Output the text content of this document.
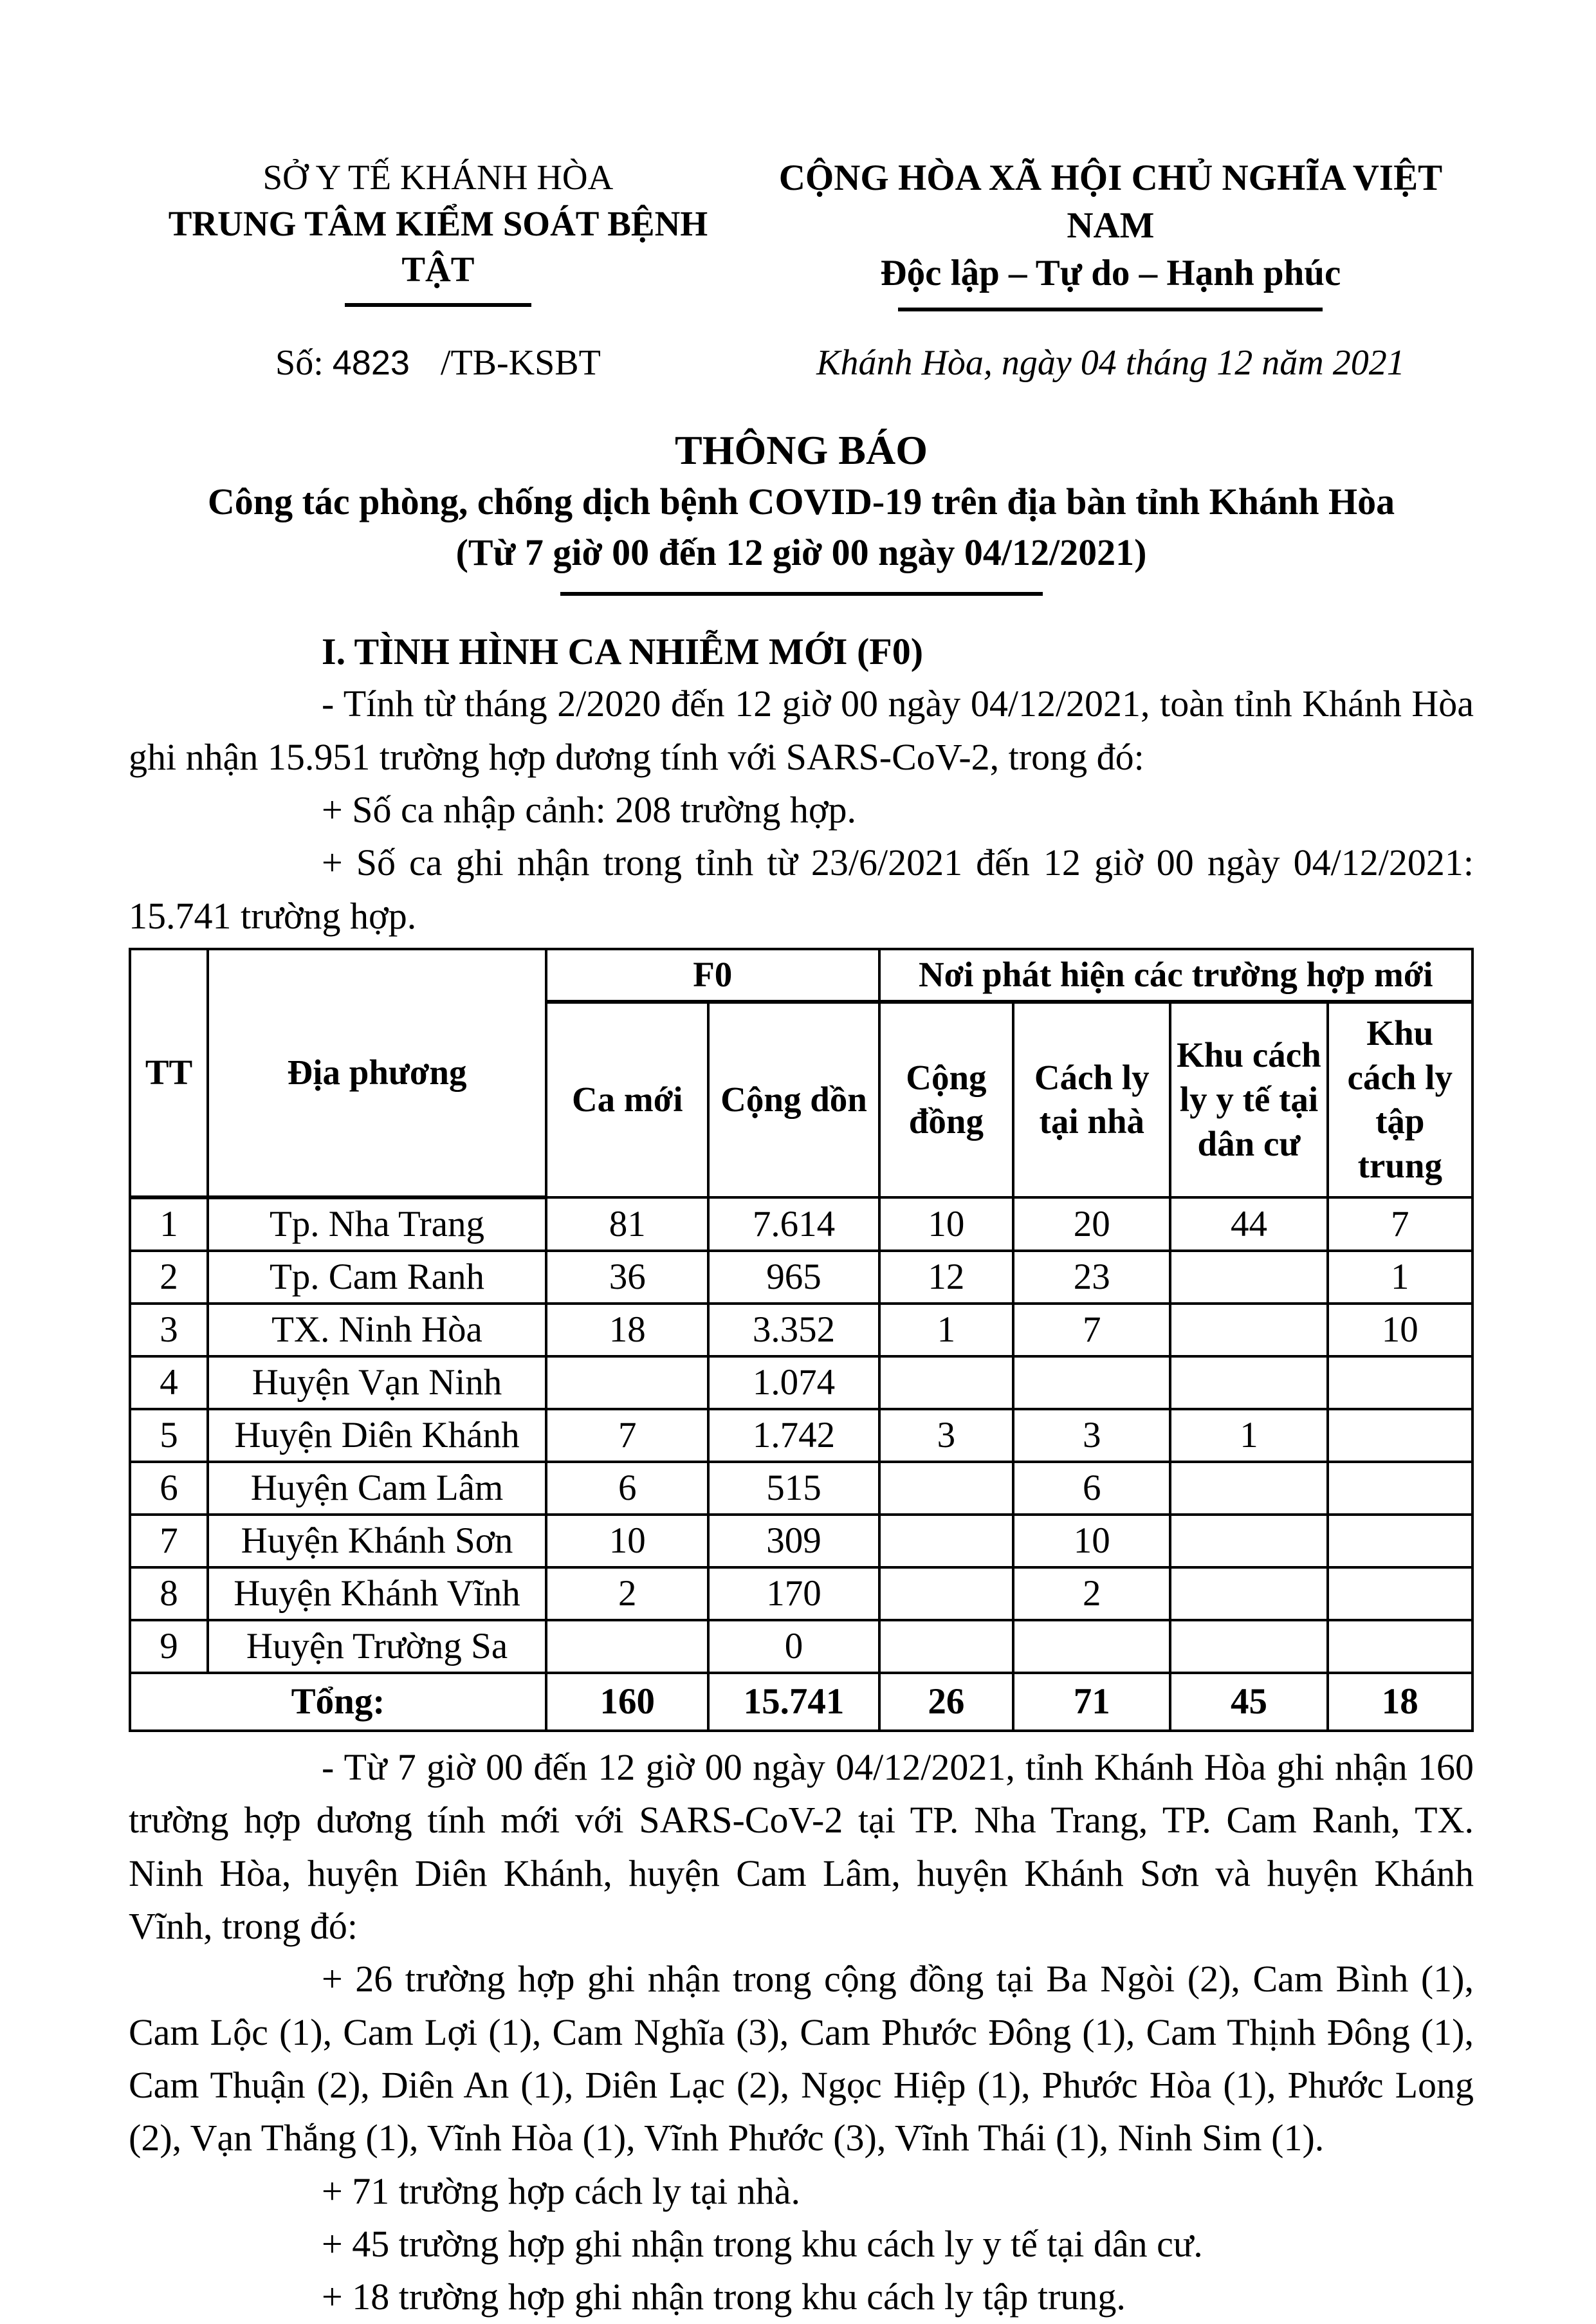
SỞ Y TẾ KHÁNH HÒA
TRUNG TÂM KIỂM SOÁT BỆNH TẬT
CỘNG HÒA XÃ HỘI CHỦ NGHĨA VIỆT NAM
Độc lập – Tự do – Hạnh phúc
Số: 4823 /TB-KSBT	Khánh Hòa, ngày 04 tháng 12 năm 2021
THÔNG BÁO
Công tác phòng, chống dịch bệnh COVID-19 trên địa bàn tỉnh Khánh Hòa
(Từ 7 giờ 00 đến 12 giờ 00 ngày 04/12/2021)
I. TÌNH HÌNH CA NHIỄM MỚI (F0)

- Tính từ tháng 2/2020 đến 12 giờ 00 ngày 04/12/2021, toàn tỉnh Khánh Hòa ghi nhận 15.951 trường hợp dương tính với SARS-CoV-2, trong đó:

+ Số ca nhập cảnh: 208 trường hợp.

+ Số ca ghi nhận trong tỉnh từ 23/6/2021 đến 12 giờ 00 ngày 04/12/2021: 15.741 trường hợp.

TT	Địa phương	F0		Nơi phát hiện các trường hợp mới			
		Ca mới	Cộng dồn	Cộng đồng	Cách ly tại nhà	Khu cách ly y tế tại dân cư	Khu cách ly tập trung
1	Tp. Nha Trang	81	7.614	10	20	44	7
2	Tp. Cam Ranh	36	965	12	23		1
3	TX. Ninh Hòa	18	3.352	1	7		10
4	Huyện Vạn Ninh		1.074				
5	Huyện Diên Khánh	7	1.742	3	3	1	
6	Huyện Cam Lâm	6	515		6		
7	Huyện Khánh Sơn	10	309		10		
8	Huyện Khánh Vĩnh	2	170		2		
9	Huyện Trường Sa		0				
Tổng:		160	15.741	26	71	45	18

- Từ 7 giờ 00 đến 12 giờ 00 ngày 04/12/2021, tỉnh Khánh Hòa ghi nhận 160 trường hợp dương tính mới với SARS-CoV-2 tại TP. Nha Trang, TP. Cam Ranh, TX. Ninh Hòa, huyện Diên Khánh, huyện Cam Lâm, huyện Khánh Sơn và huyện Khánh Vĩnh, trong đó:

+ 26 trường hợp ghi nhận trong cộng đồng tại Ba Ngòi (2), Cam Bình (1), Cam Lộc (1), Cam Lợi (1), Cam Nghĩa (3), Cam Phước Đông (1), Cam Thịnh Đông (1), Cam Thuận (2), Diên An (1), Diên Lạc (2), Ngọc Hiệp (1), Phước Hòa (1), Phước Long (2), Vạn Thắng (1), Vĩnh Hòa (1), Vĩnh Phước (3), Vĩnh Thái (1), Ninh Sim (1).

+ 71 trường hợp cách ly tại nhà.

+ 45 trường hợp ghi nhận trong khu cách ly y tế tại dân cư.

+ 18 trường hợp ghi nhận trong khu cách ly tập trung.
